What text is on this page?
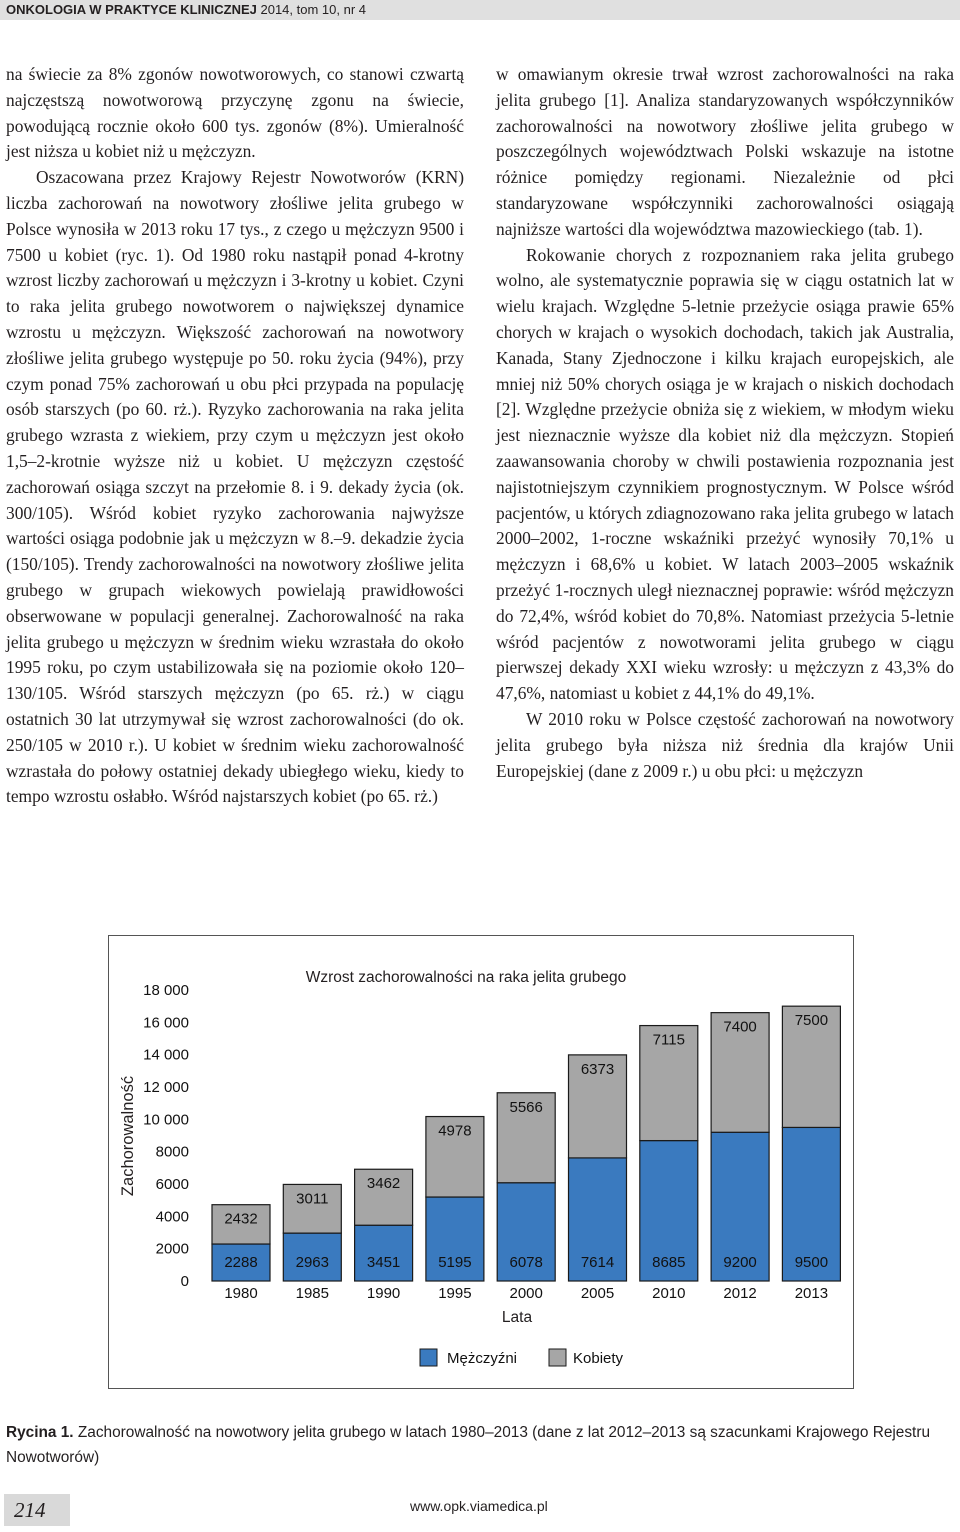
ONKOLOGIA W PRAKTYCE KLINICZNEJ 2014, tom 10, nr 4

na świecie za 8% zgonów nowotworowych, co stanowi czwartą najczęstszą nowotworową przyczynę zgonu na świecie, powodującą rocznie około 600 tys. zgonów (8%). Umieralność jest niższa u kobiet niż u mężczyzn.

Oszacowana przez Krajowy Rejestr Nowotworów (KRN) liczba zachorowań na nowotwory złośliwe jelita grubego w Polsce wynosiła w 2013 roku 17 tys., z czego u mężczyzn 9500 i 7500 u kobiet (ryc. 1). Od 1980 roku nastąpił ponad 4-krotny wzrost liczby zachorowań u mężczyzn i 3-krotny u kobiet. Czyni to raka jelita grubego nowotworem o największej dynamice wzrostu u mężczyzn. Większość zachorowań na nowotwory złośliwe jelita grubego występuje po 50. roku życia (94%), przy czym ponad 75% zachorowań u obu płci przypada na populację osób starszych (po 60. rż.). Ryzyko zachorowania na raka jelita grubego wzrasta z wiekiem, przy czym u mężczyzn jest około 1,5–2-krotnie wyższe niż u kobiet. U mężczyzn częstość zachorowań osiąga szczyt na przełomie 8. i 9. dekady życia (ok. 300/105). Wśród kobiet ryzyko zachorowania najwyższe wartości osiąga podobnie jak u mężczyzn w 8.–9. dekadzie życia (150/105). Trendy zachorowalności na nowotwory złośliwe jelita grubego w grupach wiekowych powielają prawidłowości obserwowane w populacji generalnej. Zachorowalność na raka jelita grubego u mężczyzn w średnim wieku wzrastała do około 1995 roku, po czym ustabilizowała się na poziomie około 120–130/105. Wśród starszych mężczyzn (po 65. rż.) w ciągu ostatnich 30 lat utrzymywał się wzrost zachorowalności (do ok. 250/105 w 2010 r.). U kobiet w średnim wieku zachorowalność wzrastała do połowy ostatniej dekady ubiegłego wieku, kiedy to tempo wzrostu osłabło. Wśród najstarszych kobiet (po 65. rż.)

w omawianym okresie trwał wzrost zachorowalności na raka jelita grubego [1]. Analiza standaryzowanych współczynników zachorowalności na nowotwory złośliwe jelita grubego w poszczególnych województwach Polski wskazuje na istotne różnice pomiędzy regionami. Niezależnie od płci standaryzowane współczynniki zachorowalności osiągają najniższe wartości dla województwa mazowieckiego (tab. 1).

Rokowanie chorych z rozpoznaniem raka jelita grubego wolno, ale systematycznie poprawia się w ciągu ostatnich lat w wielu krajach. Względne 5-letnie przeżycie osiąga prawie 65% chorych w krajach o wysokich dochodach, takich jak Australia, Kanada, Stany Zjednoczone i kilku krajach europejskich, ale mniej niż 50% chorych osiąga je w krajach o niskich dochodach [2]. Względne przeżycie obniża się z wiekiem, w młodym wieku jest nieznacznie wyższe dla kobiet niż dla mężczyzn. Stopień zaawansowania choroby w chwili postawienia rozpoznania jest najistotniejszym czynnikiem prognostycznym. W Polsce wśród pacjentów, u których zdiagnozowano raka jelita grubego w latach 2000–2002, 1-roczne wskaźniki przeżyć wynosiły 70,1% u mężczyzn i 68,6% u kobiet. W latach 2003–2005 wskaźnik przeżyć 1-rocznych uległ nieznacznej poprawie: wśród mężczyzn do 72,4%, wśród kobiet do 70,8%. Natomiast przeżycia 5-letnie wśród pacjentów z nowotworami jelita grubego w ciągu pierwszej dekady XXI wieku wzrosły: u mężczyzn z 43,3% do 47,6%, natomiast u kobiet z 44,1% do 49,1%.

W 2010 roku w Polsce częstość zachorowań na nowotwory jelita grubego była niższa niż średnia dla krajów Unii Europejskiej (dane z 2009 r.) u obu płci: u mężczyzn

Wzrost zachorowalności na raka jelita grubego
Zachorowalność
Lata
2288
2432
2963
3011
3451
3462
5195
4978
6078
5566
7614
6373
8685
7115
9200
7400
9500
7500
0
2000
4000
6000
8000
10 000
12 000
14 000
16 000
18 000
1980	1985	1990	1995	2000	2005	2010	2012	2013
Mężczyźni	Kobiety
Rycina 1. Zachorowalność na nowotwory jelita grubego w latach 1980–2013 (dane z lat 2012–2013 są szacunkami Krajowego Rejestru Nowotworów)
214	www.opk.viamedica.pl
